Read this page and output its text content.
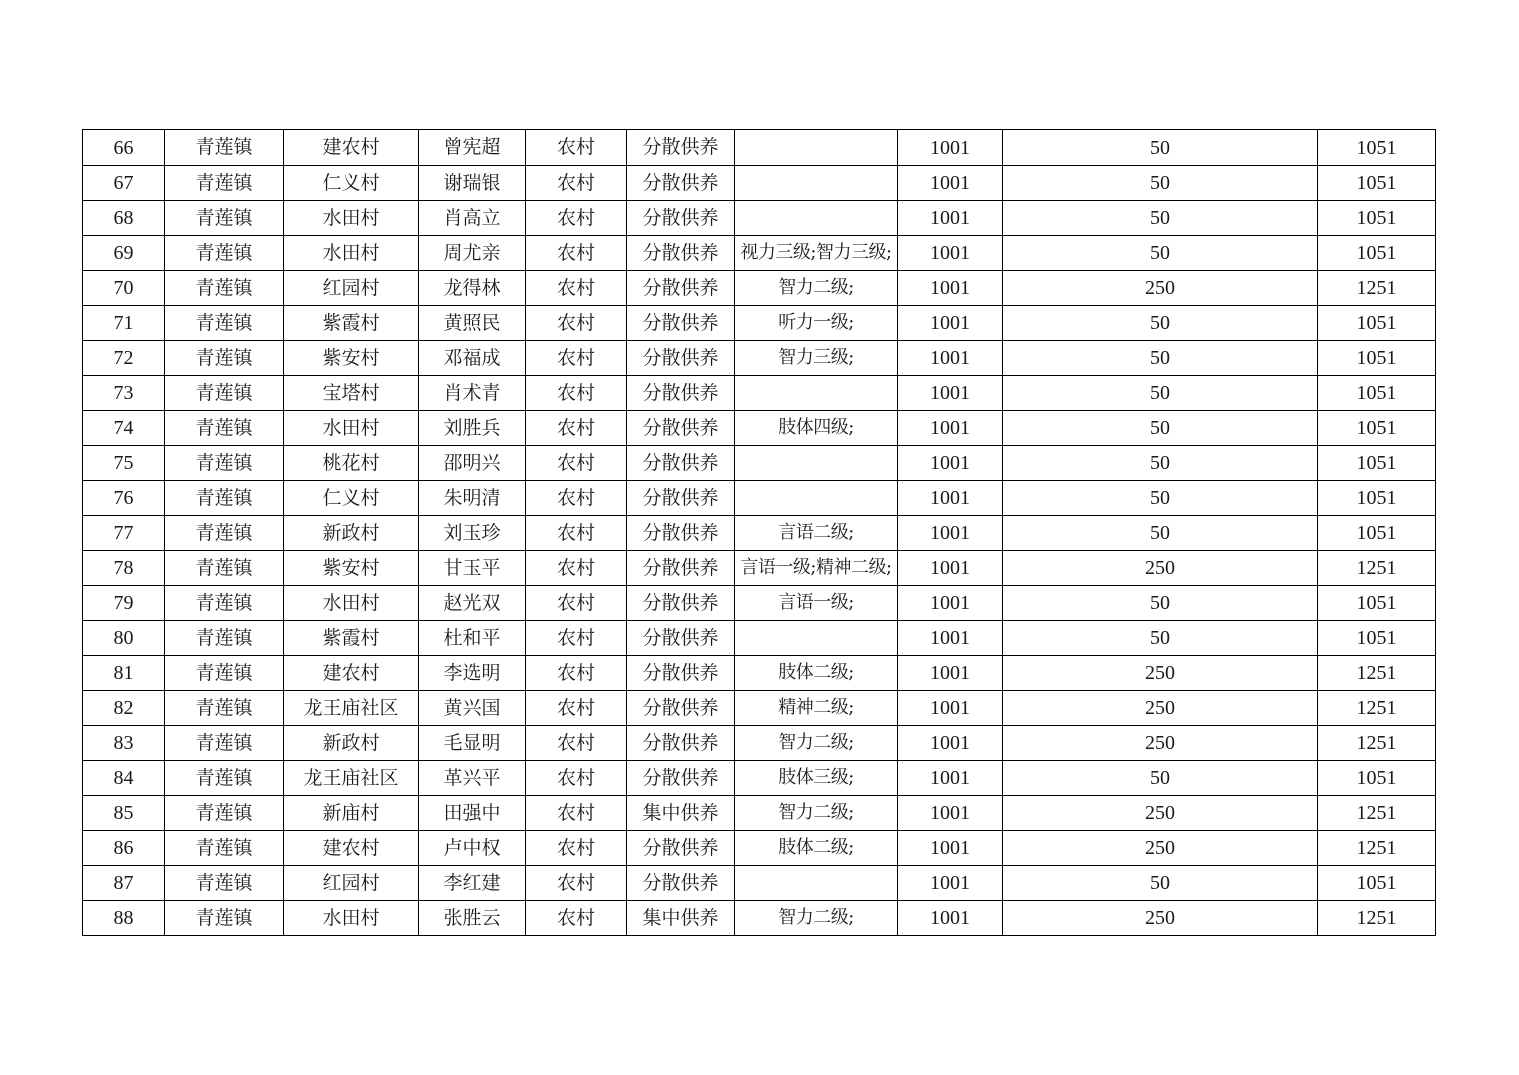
66	青莲镇	建农村	曾宪超	农村	分散供养		1001	50	1051
67	青莲镇	仁义村	谢瑞银	农村	分散供养		1001	50	1051
68	青莲镇	水田村	肖高立	农村	分散供养		1001	50	1051
69	青莲镇	水田村	周尤亲	农村	分散供养	视力三级;智力三级;	1001	50	1051
70	青莲镇	红园村	龙得林	农村	分散供养	智力二级;	1001	250	1251
71	青莲镇	紫霞村	黄照民	农村	分散供养	听力一级;	1001	50	1051
72	青莲镇	紫安村	邓福成	农村	分散供养	智力三级;	1001	50	1051
73	青莲镇	宝塔村	肖术青	农村	分散供养		1001	50	1051
74	青莲镇	水田村	刘胜兵	农村	分散供养	肢体四级;	1001	50	1051
75	青莲镇	桃花村	邵明兴	农村	分散供养		1001	50	1051
76	青莲镇	仁义村	朱明清	农村	分散供养		1001	50	1051
77	青莲镇	新政村	刘玉珍	农村	分散供养	言语二级;	1001	50	1051
78	青莲镇	紫安村	甘玉平	农村	分散供养	言语一级;精神二级;	1001	250	1251
79	青莲镇	水田村	赵光双	农村	分散供养	言语一级;	1001	50	1051
80	青莲镇	紫霞村	杜和平	农村	分散供养		1001	50	1051
81	青莲镇	建农村	李选明	农村	分散供养	肢体二级;	1001	250	1251
82	青莲镇	龙王庙社区	黄兴国	农村	分散供养	精神二级;	1001	250	1251
83	青莲镇	新政村	毛显明	农村	分散供养	智力二级;	1001	250	1251
84	青莲镇	龙王庙社区	革兴平	农村	分散供养	肢体三级;	1001	50	1051
85	青莲镇	新庙村	田强中	农村	集中供养	智力二级;	1001	250	1251
86	青莲镇	建农村	卢中权	农村	分散供养	肢体二级;	1001	250	1251
87	青莲镇	红园村	李红建	农村	分散供养		1001	50	1051
88	青莲镇	水田村	张胜云	农村	集中供养	智力二级;	1001	250	1251
